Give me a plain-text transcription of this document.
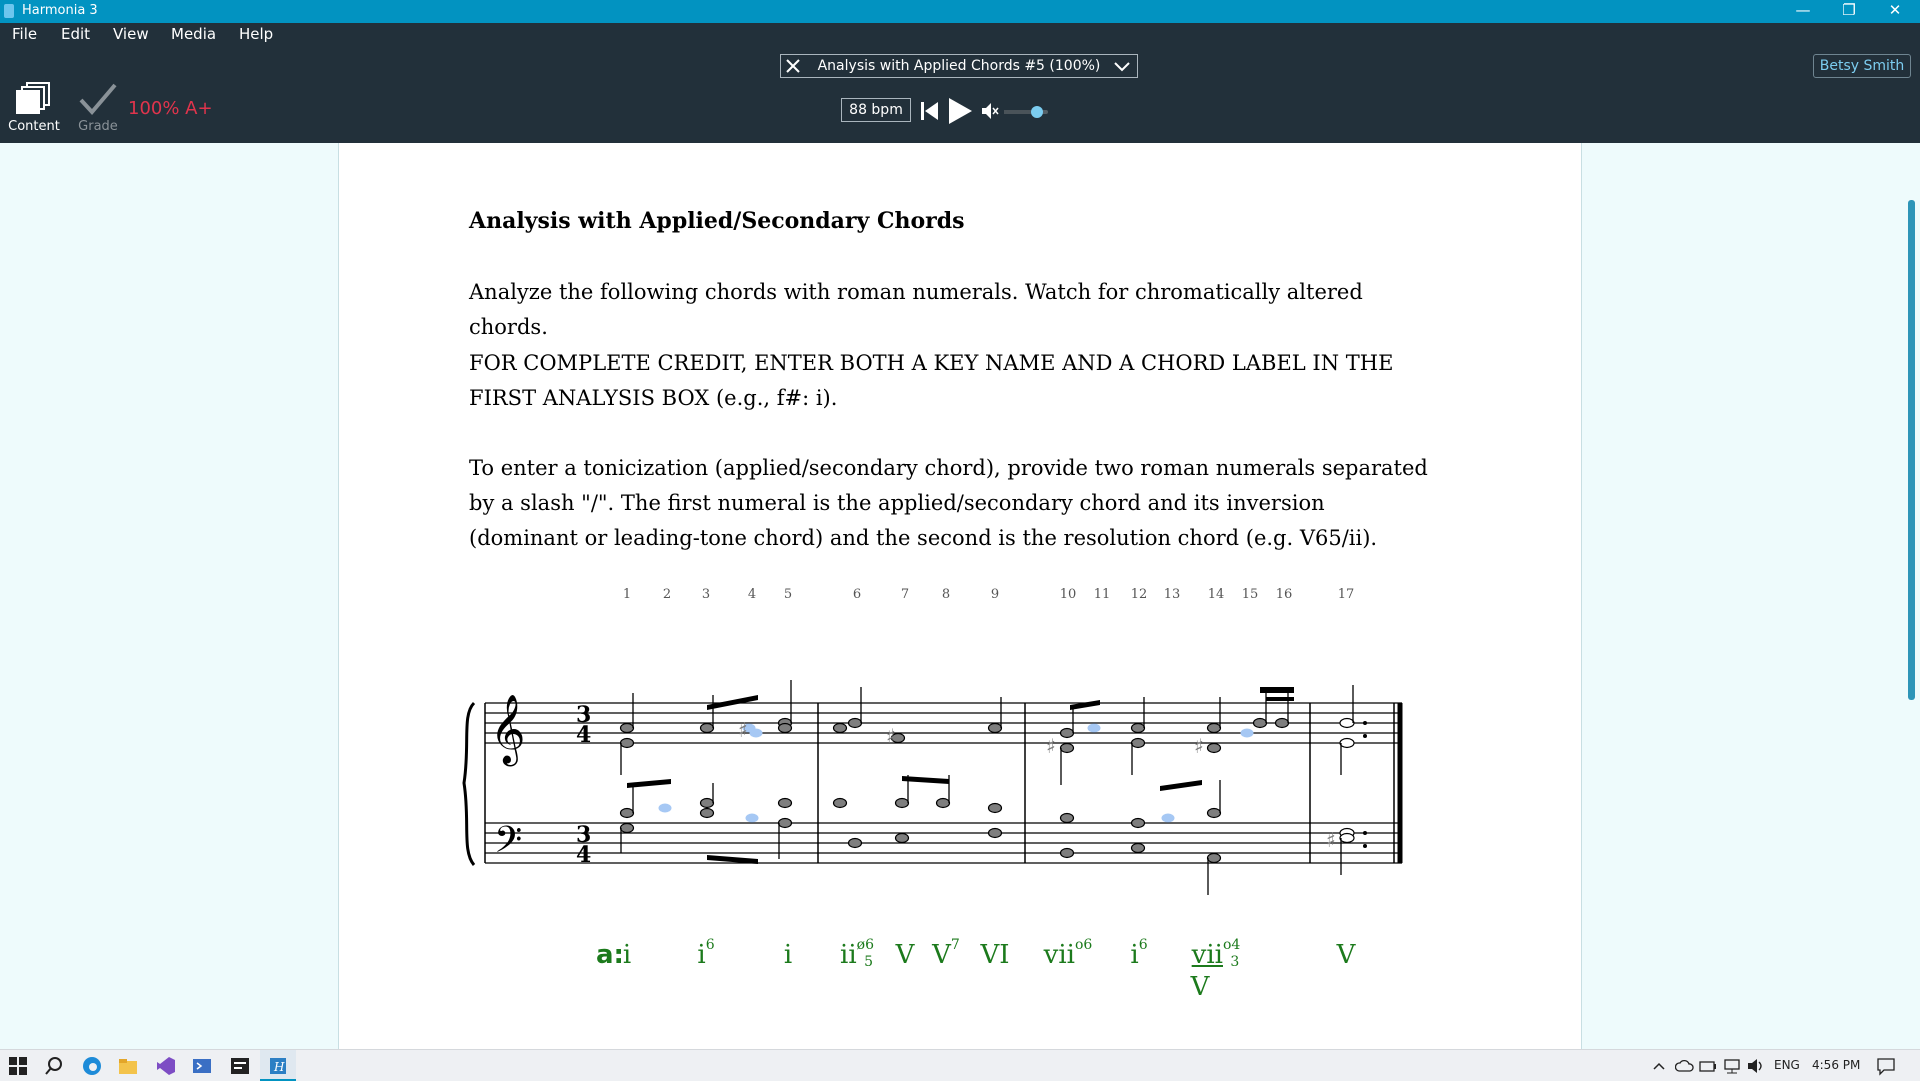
Harmonia 3	—	❐	✕
File Edit View Media Help
Content	Grade
100% A+
Analysis with Applied Chords #5 (100%)	Betsy Smith
88 bpm
Analysis with Applied/Secondary Chords
Analyze the following chords with roman numerals. Watch for chromatically altered chords.
FOR COMPLETE CREDIT, ENTER BOTH A KEY NAME AND A CHORD LABEL IN THE FIRST ANALYSIS BOX (e.g., f#: i).
To enter a tonicization (applied/secondary chord), provide two roman numerals separated by a slash "/". The first numeral is the applied/secondary chord and its inversion (dominant or leading-tone chord) and the second is the resolution chord (e.g. V65/ii).
1 2 3	4 5	6	7	8	9	10 11 12 13 14 15 16	17
𝄞
𝄢
3
4
3
4
♯	♯	♯	♯
♯
a:
i	$i^6$	i $ii^{ø6}$
5 V $V^7$ VI vii$^{o6}$ $i^6$ vii$^{o4}$
3
V
V
H	ENG 4:56 PM
